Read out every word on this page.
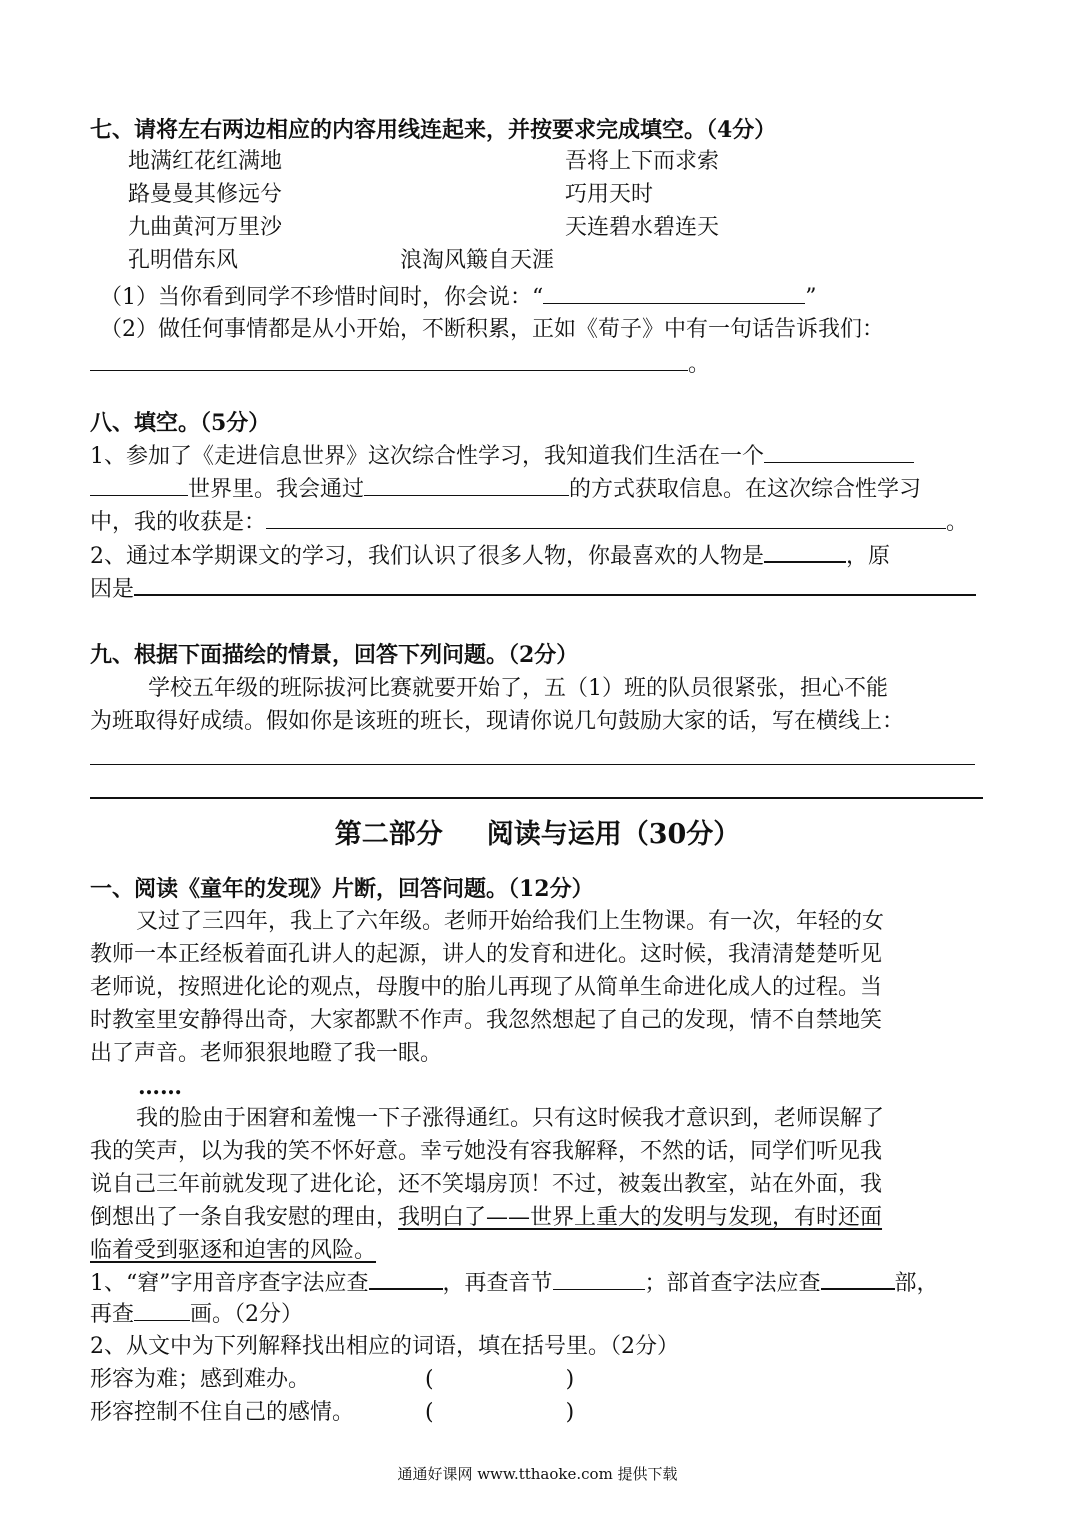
七、请将左右两边相应的内容用线连起来，并按要求完成填空。（4分）
地满红花红满地	吾将上下而求索
路曼曼其修远兮	巧用天时
九曲黄河万里沙	天连碧水碧连天
孔明借东风	浪淘风簸自天涯
（1）当你看到同学不珍惜时间时，你会说：“	”
（2）做任何事情都是从小开始，不断积累，正如《荀子》中有一句话告诉我们：
。
八、填空。（5分）
1、参加了《走进信息世界》这次综合性学习，我知道我们生活在一个
世界里。我会通过	的方式获取信息。在这次综合性学习
中，我的收获是：	。
2、通过本学期课文的学习，我们认识了很多人物，你最喜欢的人物是	，原
因是
九、根据下面描绘的情景，回答下列问题。（2分）
学校五年级的班际拔河比赛就要开始了，五（1）班的队员很紧张，担心不能
为班取得好成绩。假如你是该班的班长，现请你说几句鼓励大家的话，写在横线上：
第二部分 阅读与运用（30分）
一、阅读《童年的发现》片断，回答问题。（12分）
又过了三四年，我上了六年级。老师开始给我们上生物课。有一次，年轻的女
教师一本正经板着面孔讲人的起源，讲人的发育和进化。这时候，我清清楚楚听见
老师说，按照进化论的观点，母腹中的胎儿再现了从简单生命进化成人的过程。当
时教室里安静得出奇，大家都默不作声。我忽然想起了自己的发现，情不自禁地笑
出了声音。老师狠狠地瞪了我一眼。
……
我的脸由于困窘和羞愧一下子涨得通红。只有这时候我才意识到，老师误解了
我的笑声，以为我的笑不怀好意。幸亏她没有容我解释，不然的话，同学们听见我
说自己三年前就发现了进化论，还不笑塌房顶！不过，被轰出教室，站在外面，我
倒想出了一条自我安慰的理由，我明白了——世界上重大的发明与发现，有时还面
临着受到驱逐和迫害的风险。
1、“窘”字用音序查字法应查	，再查音节	；部首查字法应查	部，
再查	画。（2分）
2、从文中为下列解释找出相应的词语，填在括号里。（2分）
形容为难；感到难办。	(　　　　　　)
形容控制不住自己的感情。	(　　　　　　)
通通好课网 www.tthaoke.com 提供下载
